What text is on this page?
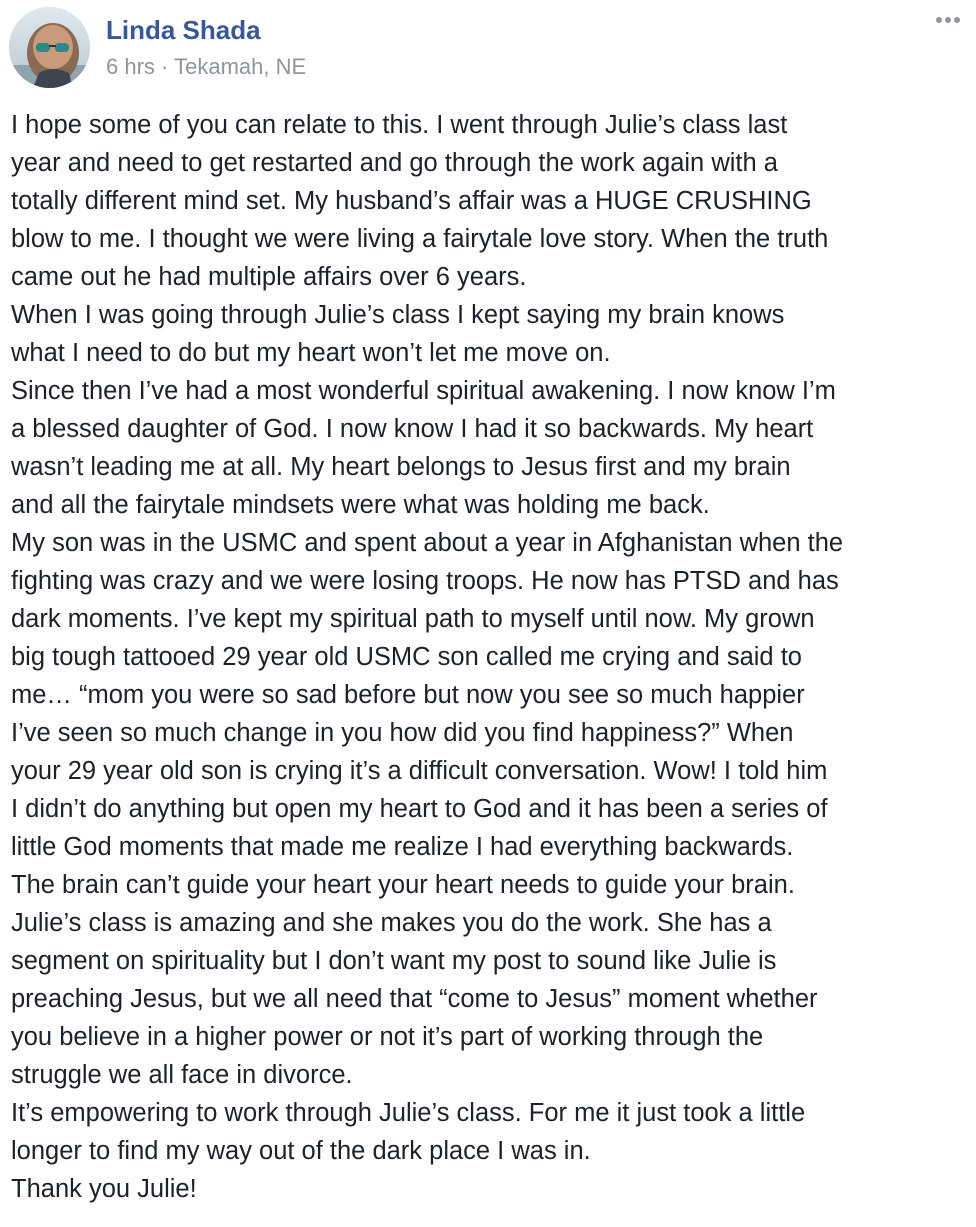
Linda Shada
6 hrs · Tekamah, NE
I hope some of you can relate to this. I went through Julie’s class last
year and need to get restarted and go through the work again with a
totally different mind set. My husband’s affair was a HUGE CRUSHING
blow to me. I thought we were living a fairytale love story. When the truth
came out he had multiple affairs over 6 years.
When I was going through Julie’s class I kept saying my brain knows
what I need to do but my heart won’t let me move on.
Since then I’ve had a most wonderful spiritual awakening. I now know I’m
a blessed daughter of God. I now know I had it so backwards. My heart
wasn’t leading me at all. My heart belongs to Jesus first and my brain
and all the fairytale mindsets were what was holding me back.
My son was in the USMC and spent about a year in Afghanistan when the
fighting was crazy and we were losing troops. He now has PTSD and has
dark moments. I’ve kept my spiritual path to myself until now. My grown
big tough tattooed 29 year old USMC son called me crying and said to
me… “mom you were so sad before but now you see so much happier
I’ve seen so much change in you how did you find happiness?” When
your 29 year old son is crying it’s a difficult conversation. Wow! I told him
I didn’t do anything but open my heart to God and it has been a series of
little God moments that made me realize I had everything backwards.
The brain can’t guide your heart your heart needs to guide your brain.
Julie’s class is amazing and she makes you do the work. She has a
segment on spirituality but I don’t want my post to sound like Julie is
preaching Jesus, but we all need that “come to Jesus” moment whether
you believe in a higher power or not it’s part of working through the
struggle we all face in divorce.
It’s empowering to work through Julie’s class. For me it just took a little
longer to find my way out of the dark place I was in.
Thank you Julie!
